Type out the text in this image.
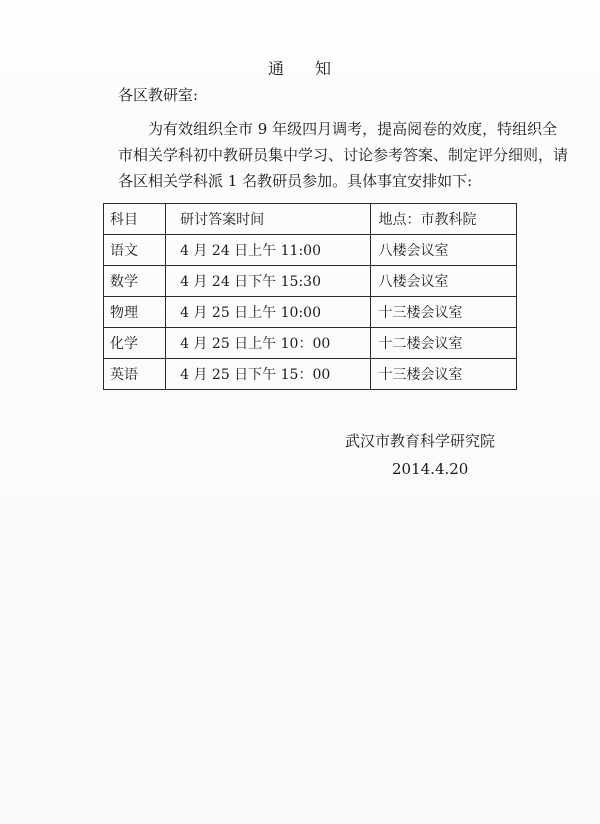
通 知
各区教研室:
为有效组织全市 9 年级四月调考，提高阅卷的效度，特组织全
市相关学科初中教研员集中学习、讨论参考答案、制定评分细则，请
各区相关学科派 1 名教研员参加。具体事宜安排如下:
科目	研讨答案时间	地点：市教科院
语文	4 月 24 日上午 11:00	八楼会议室
数学	4 月 24 日下午 15:30	八楼会议室
物理	4 月 25 日上午 10:00	十三楼会议室
化学	4 月 25 日上午 10：00	十二楼会议室
英语	4 月 25 日下午 15：00	十三楼会议室
武汉市教育科学研究院
2014.4.20
